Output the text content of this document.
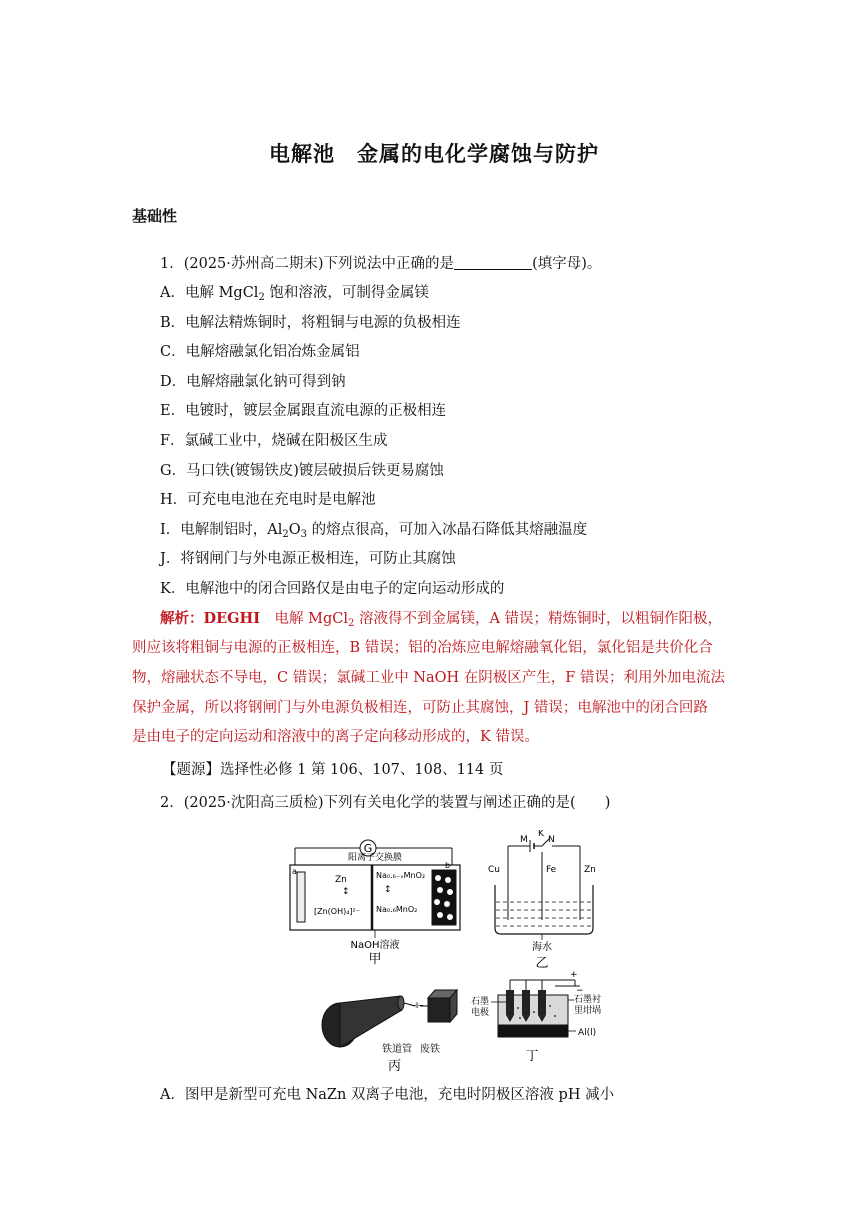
电解池　金属的电化学腐蚀与防护
基础性
1．(2025·苏州高二期末)下列说法中正确的是	(填字母)。
A．电解 MgCl$_2$ 饱和溶液，可制得金属镁
B．电解法精炼铜时，将粗铜与电源的负极相连
C．电解熔融氯化铝冶炼金属铝
D．电解熔融氯化钠可得到钠
E．电镀时，镀层金属跟直流电源的正极相连
F．氯碱工业中，烧碱在阳极区生成
G．马口铁(镀锡铁皮)镀层破损后铁更易腐蚀
H．可充电电池在充电时是电解池
I．电解制铝时，$Al_2O_3$ 的熔点很高，可加入冰晶石降低其熔融温度
J．将钢闸门与外电源正极相连，可防止其腐蚀
K．电解池中的闭合回路仅是由电子的定向运动形成的
解析：DEGHI　电解 MgCl$_2$ 溶液得不到金属镁，A 错误；精炼铜时，以粗铜作阳极，
则应该将粗铜与电源的正极相连，B 错误；铝的冶炼应电解熔融氧化铝，氯化铝是共价化合
物，熔融状态不导电，C 错误；氯碱工业中 NaOH 在阴极区产生，F 错误；利用外加电流法
保护金属，所以将钢闸门与外电源负极相连，可防止其腐蚀，J 错误；电解池中的闭合回路
是由电子的定向运动和溶液中的离子定向移动形成的，K 错误。
【题源】选择性必修 1 第 106、107、108、114 页
2．(2025·沈阳高三质检)下列有关电化学的装置与阐述正确的是(　　)
G
阳离子交换膜
a
Zn
↕
[Zn(OH)₄]²⁻
Na₀.₆₋ₓMnO₂
↕
Na₀.₆MnO₂
b
NaOH溶液
甲
M
K
N
Cu	Fe	Zn
海水
乙
⊣⊢
铁道管 废铁
丙
+
−
石墨
电极
石墨衬
里坩埚
Al(l)
丁
A．图甲是新型可充电 NaZn 双离子电池，充电时阴极区溶液 pH 减小
